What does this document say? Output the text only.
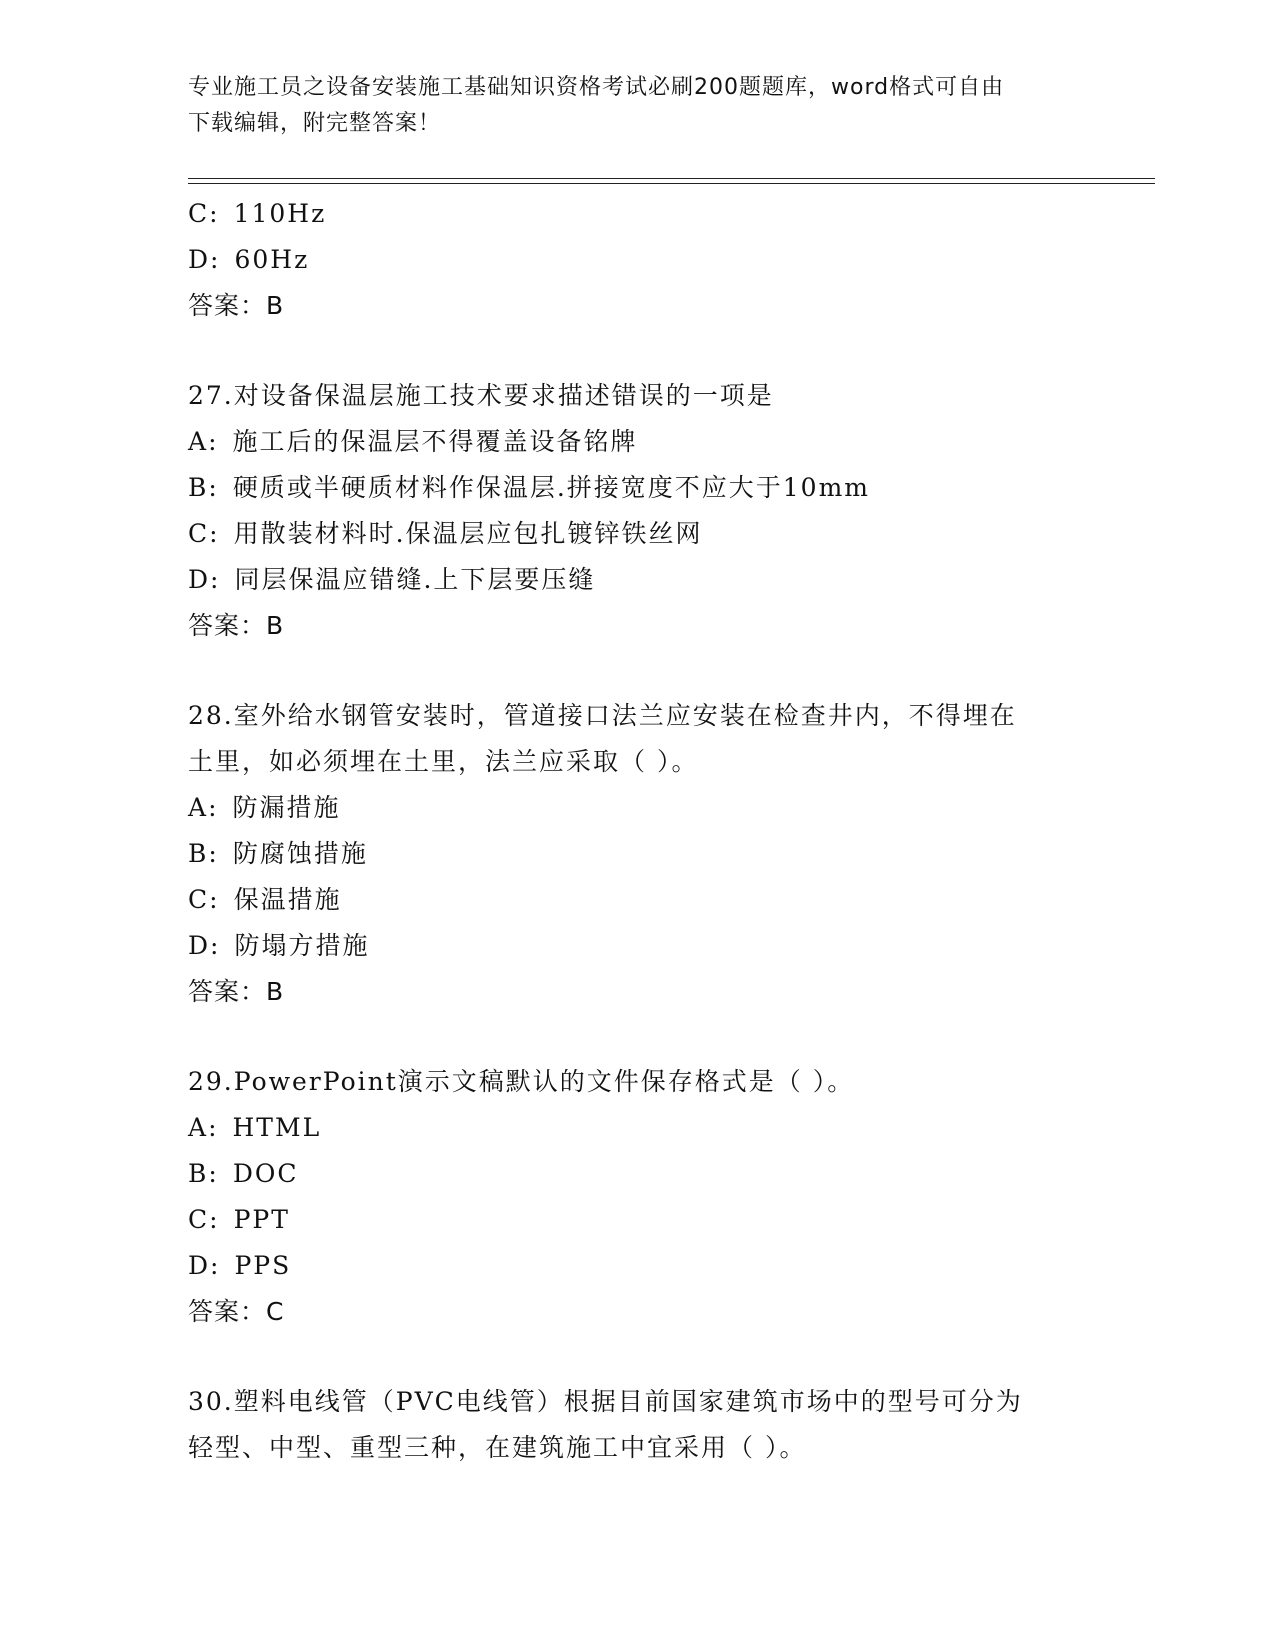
专业施工员之设备安装施工基础知识资格考试必刷200题题库，word格式可自由
下载编辑，附完整答案！
C: 110Hz
D: 60Hz
答案：B
27.对设备保温层施工技术要求描述错误的一项是
A: 施工后的保温层不得覆盖设备铭牌
B: 硬质或半硬质材料作保温层.拼接宽度不应大于10mm
C: 用散装材料时.保温层应包扎镀锌铁丝网
D: 同层保温应错缝.上下层要压缝
答案：B
28.室外给水钢管安装时，管道接口法兰应安装在检查井内，不得埋在
土里，如必须埋在土里，法兰应采取（ ）。
A: 防漏措施
B: 防腐蚀措施
C: 保温措施
D: 防塌方措施
答案：B
29.PowerPoint演示文稿默认的文件保存格式是（ ）。
A: HTML
B: DOC
C: PPT
D: PPS
答案：C
30.塑料电线管（PVC电线管）根据目前国家建筑市场中的型号可分为
轻型、中型、重型三种，在建筑施工中宜采用（ ）。
